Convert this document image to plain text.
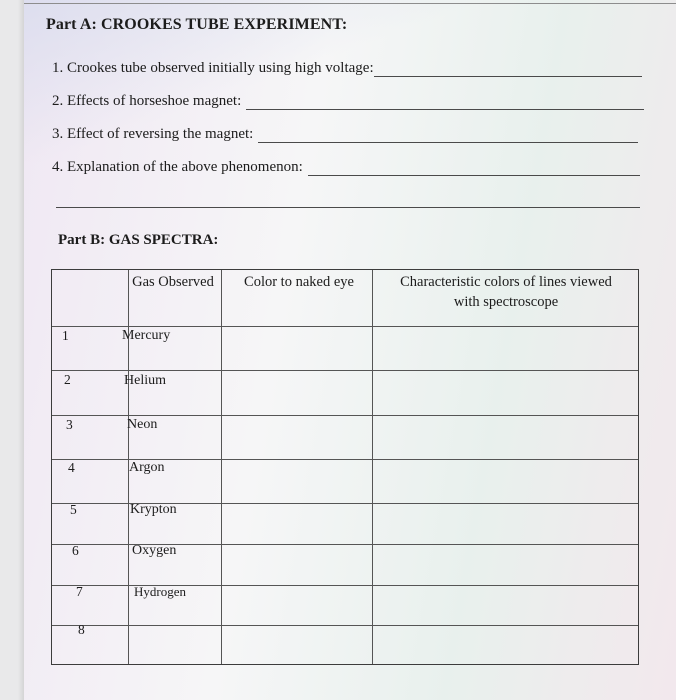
Part A: CROOKES TUBE EXPERIMENT:
1. Crookes tube observed initially using high voltage:
2. Effects of horseshoe magnet:
3. Effect of reversing the magnet:
4. Explanation of the above phenomenon:
Part B: GAS SPECTRA:
Gas Observed	Color to naked eye	Characteristic colors of lines viewed
with spectroscope
1
2
3
4
5
6
7
8
Mercury
Helium
Neon
Argon
Krypton
Oxygen
Hydrogen
